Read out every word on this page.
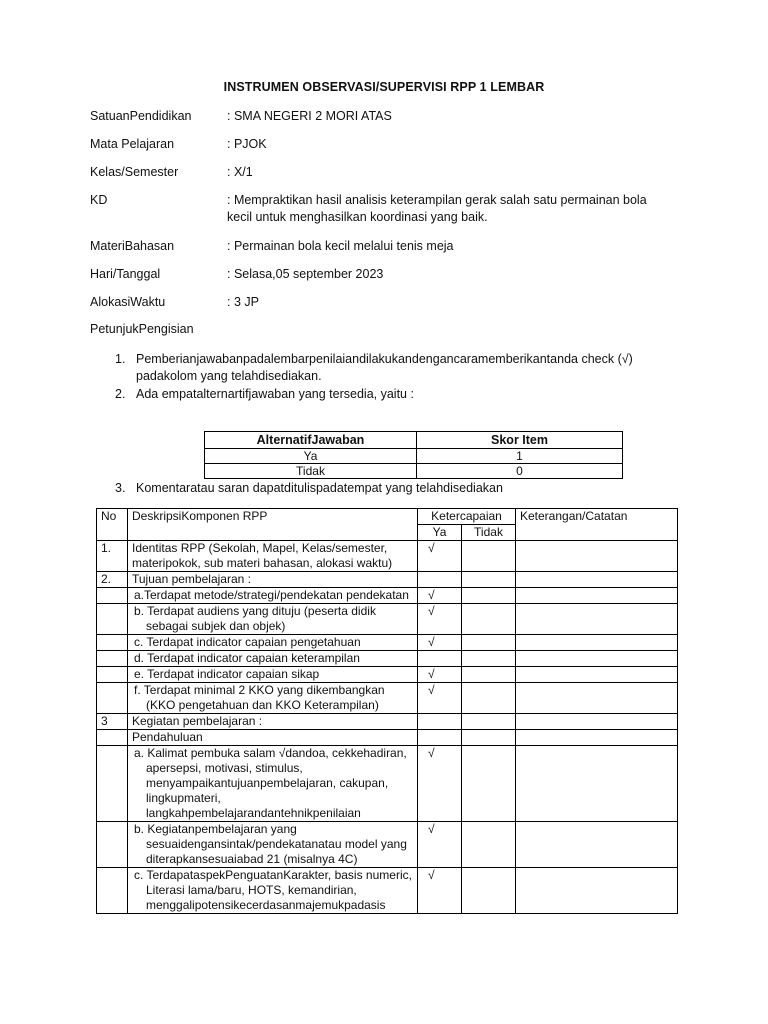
INSTRUMEN OBSERVASI/SUPERVISI RPP 1 LEMBAR
SatuanPendidikan	: SMA NEGERI 2 MORI ATAS
Mata Pelajaran	: PJOK
Kelas/Semester	: X/1
KD	: Mempraktikan hasil analisis keterampilan gerak salah satu permainan bola kecil untuk menghasilkan koordinasi yang baik.
MateriBahasan	: Permainan bola kecil melalui tenis meja
Hari/Tanggal	: Selasa,05 september 2023
AlokasiWaktu	: 3 JP
PetunjukPengisian
1. Pemberianjawabanpadalembarpenilaiandilakukandengancaramemberikantanda check (√) padakolom yang telahdisediakan.
2. Ada empatalternartifjawaban yang tersedia, yaitu :
AlternatifJawaban	Skor Item
Ya	1
Tidak	0
3. Komentaratau saran dapatditulispadatempat yang telahdisediakan
No	DeskripsiKomponen RPP	Ketercapaian		Keterangan/Catatan
		Ya	Tidak	
1.	Identitas RPP (Sekolah, Mapel, Kelas/semester, materipokok, sub materi bahasan, alokasi waktu)	√		
2.	Tujuan pembelajaran :			
	a.Terdapat metode/strategi/pendekatan pendekatan	√		
	b. Terdapat audiens yang dituju (peserta didik sebagai subjek dan objek)	√		
	c. Terdapat indicator capaian pengetahuan	√		
	d. Terdapat indicator capaian keterampilan			
	e. Terdapat indicator capaian sikap	√		
	f. Terdapat minimal 2 KKO yang dikembangkan (KKO pengetahuan dan KKO Keterampilan)	√		
3	Kegiatan pembelajaran :			
	Pendahuluan			
	a. Kalimat pembuka salam √dandoa, cekkehadiran, apersepsi, motivasi, stimulus, menyampaikantujuanpembelajaran, cakupan, lingkupmateri, langkahpembelajarandantehnikpenilaian	√		
	b. Kegiatanpembelajaran yang sesuaidengansintak/pendekatanatau model yang diterapkansesuaiabad 21 (misalnya 4C)	√		
	c. TerdapataspekPenguatanKarakter, basis numeric, Literasi lama/baru, HOTS, kemandirian, menggalipotensikecerdasanmajemukpadasis	√		
